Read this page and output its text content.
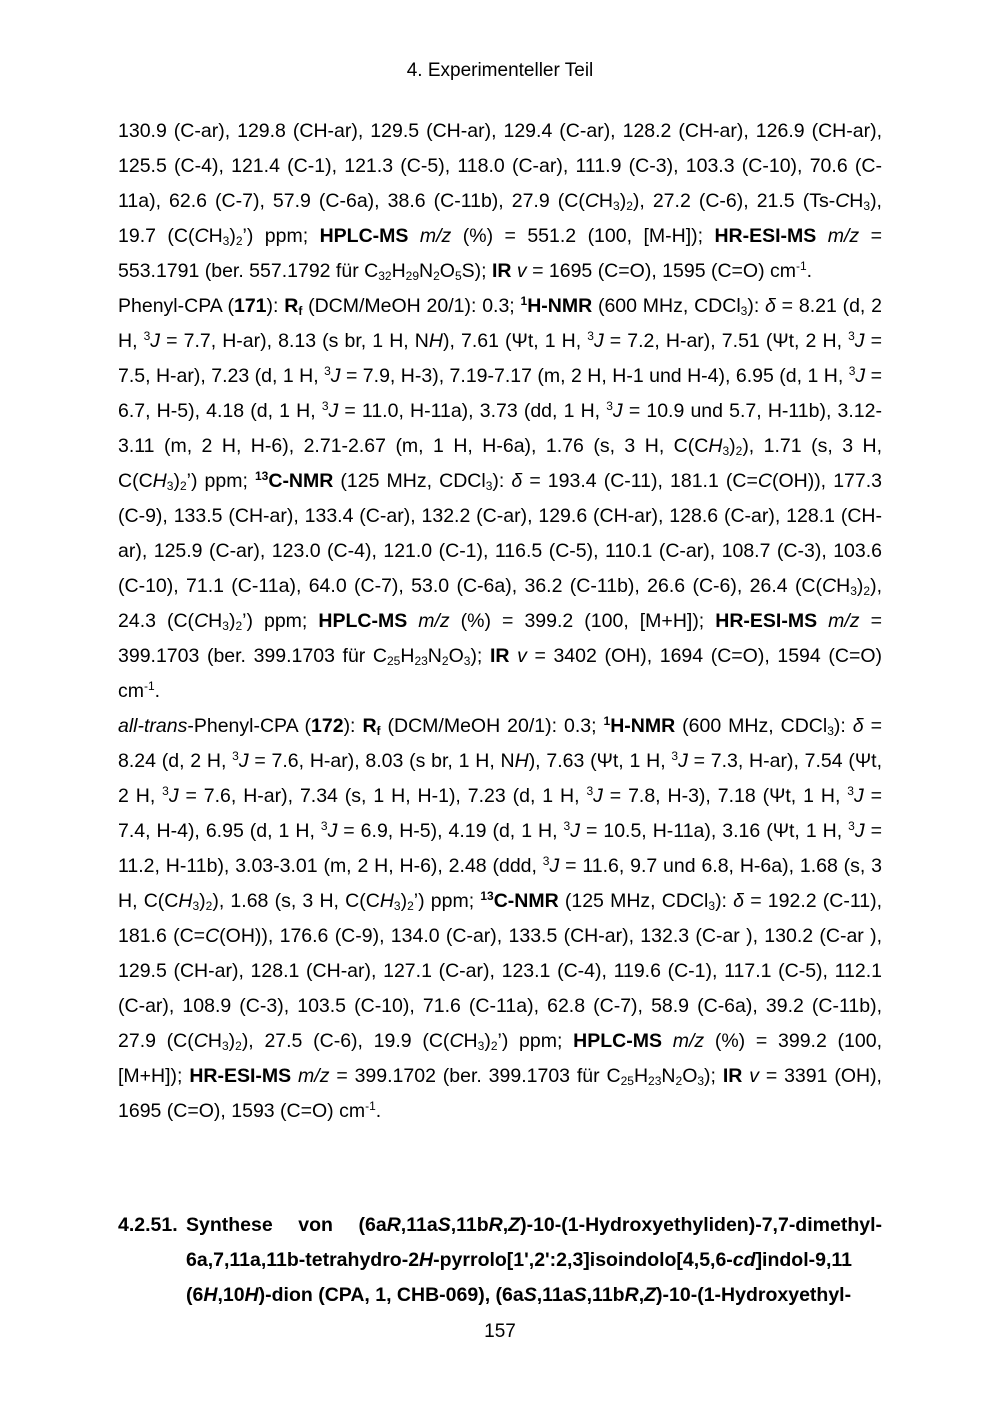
4. Experimenteller Teil

130.9 (C-ar), 129.8 (CH-ar), 129.5 (CH-ar), 129.4 (C-ar), 128.2 (CH-ar), 126.9 (CH-ar), 125.5 (C-4), 121.4 (C-1), 121.3 (C-5), 118.0 (C-ar), 111.9 (C-3), 103.3 (C-10), 70.6 (C-11a), 62.6 (C-7), 57.9 (C-6a), 38.6 (C-11b), 27.9 $(C(CH_3)_2)$, 27.2 (C-6), 21.5 $(Ts-CH_3)$, 19.7 $(C(CH_3)_2’)$ ppm; HPLC-MS m/z (%) = 551.2 (100, [M-H]); HR-ESI-MS m/z = 553.1791 (ber. 557.1792 für $C_{32}H_{29}N_2O_5S$); IR v = 1695 (C=O), 1595 (C=O) $cm^{-1}$.

Phenyl-CPA (171): $R_f$ (DCM/MeOH 20/1): 0.3; $^1$H-NMR (600 MHz, CDCl$_3$): δ = 8.21 (d, 2 H, $^3$J = 7.7, H-ar), 8.13 (s br, 1 H, NH), 7.61 (Ψt, 1 H, $^3$J = 7.2, H-ar), 7.51 (Ψt, 2 H, $^3$J = 7.5, H-ar), 7.23 (d, 1 H, $^3$J = 7.9, H-3), 7.19-7.17 (m, 2 H, H-1 und H-4), 6.95 (d, 1 H, $^3$J = 6.7, H-5), 4.18 (d, 1 H, $^3$J = 11.0, H-11a), 3.73 (dd, 1 H, $^3$J = 10.9 und 5.7, H-11b), 3.12-3.11 (m, 2 H, H-6), 2.71-2.67 (m, 1 H, H-6a), 1.76 (s, 3 H, $C(CH_3)_2$), 1.71 (s, 3 H, $C(CH_3)_2$’) ppm; $^{13}$C-NMR (125 MHz, CDCl$_3$): δ = 193.4 (C-11), 181.1 (C=C(OH)), 177.3 (C-9), 133.5 (CH-ar), 133.4 (C-ar), 132.2 (C-ar), 129.6 (CH-ar), 128.6 (C-ar), 128.1 (CH-ar), 125.9 (C-ar), 123.0 (C-4), 121.0 (C-1), 116.5 (C-5), 110.1 (C-ar), 108.7 (C-3), 103.6 (C-10), 71.1 (C-11a), 64.0 (C-7), 53.0 (C-6a), 36.2 (C-11b), 26.6 (C-6), 26.4 $(C(CH_3)_2)$, 24.3 $(C(CH_3)_2’)$ ppm; HPLC-MS m/z (%) = 399.2 (100, [M+H]); HR-ESI-MS m/z = 399.1703 (ber. 399.1703 für $C_{25}H_{23}N_2O_3$); IR v = 3402 (OH), 1694 (C=O), 1594 (C=O) $cm^{-1}$.

all-trans-Phenyl-CPA (172): $R_f$ (DCM/MeOH 20/1): 0.3; $^1$H-NMR (600 MHz, CDCl$_3$): δ = 8.24 (d, 2 H, $^3$J = 7.6, H-ar), 8.03 (s br, 1 H, NH), 7.63 (Ψt, 1 H, $^3$J = 7.3, H-ar), 7.54 (Ψt, 2 H, $^3$J = 7.6, H-ar), 7.34 (s, 1 H, H-1), 7.23 (d, 1 H, $^3$J = 7.8, H-3), 7.18 (Ψt, 1 H, $^3$J = 7.4, H-4), 6.95 (d, 1 H, $^3$J = 6.9, H-5), 4.19 (d, 1 H, $^3$J = 10.5, H-11a), 3.16 (Ψt, 1 H, $^3$J = 11.2, H-11b), 3.03-3.01 (m, 2 H, H-6), 2.48 (ddd, $^3$J = 11.6, 9.7 und 6.8, H-6a), 1.68 (s, 3 H, $C(CH_3)_2$), 1.68 (s, 3 H, $C(CH_3)_2$’) ppm; $^{13}$C-NMR (125 MHz, CDCl$_3$): δ = 192.2 (C-11), 181.6 (C=C(OH)), 176.6 (C-9), 134.0 (C-ar), 133.5 (CH-ar), 132.3 (C-ar ), 130.2 (C-ar ), 129.5 (CH-ar), 128.1 (CH-ar), 127.1 (C-ar), 123.1 (C-4), 119.6 (C-1), 117.1 (C-5), 112.1 (C-ar), 108.9 (C-3), 103.5 (C-10), 71.6 (C-11a), 62.8 (C-7), 58.9 (C-6a), 39.2 (C-11b), 27.9 $(C(CH_3)_2)$, 27.5 (C-6), 19.9 $(C(CH_3)_2’)$ ppm; HPLC-MS m/z (%) = 399.2 (100, [M+H]); HR-ESI-MS m/z = 399.1702 (ber. 399.1703 für $C_{25}H_{23}N_2O_3$); IR v = 3391 (OH), 1695 (C=O), 1593 (C=O) $cm^{-1}$.

4.2.51. Synthese von (6aR,11aS,11bR,Z)-10-(1-Hydroxyethyliden)-7,7-dimethyl-6a,7,11a,11b-tetrahydro-2H-pyrrolo[1',2':2,3]isoindolo[4,5,6-cd]indol-9,11 (6H,10H)-dion (CPA, 1, CHB-069), (6aS,11aS,11bR,Z)-10-(1-Hydroxyethyl-
157
